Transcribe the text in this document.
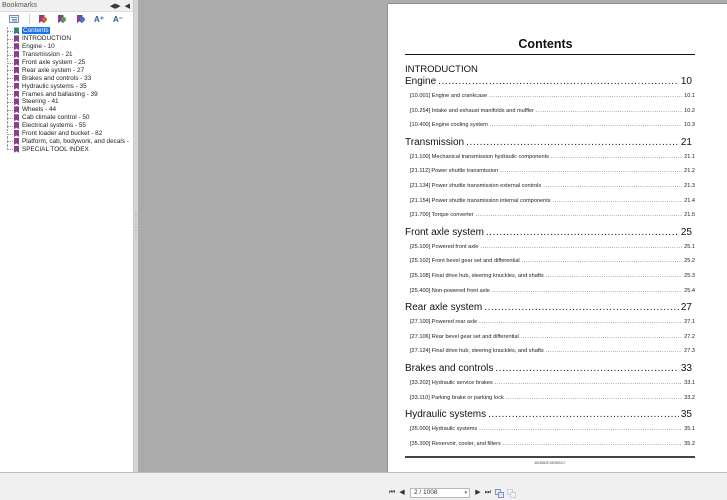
Bookmarks	◀▶ ◀
A⁺	A⁻
Contents
INTRODUCTION
Engine - 10
Transmission - 21
Front axle system - 25
Rear axle system - 27
Brakes and controls - 33
Hydraulic systems - 35
Frames and ballasting - 39
Steering - 41
Wheels - 44
Cab climate control - 50
Electrical systems - 55
Front loader and bucket - 82
Platform, cab, bodywork, and decals -
SPECIAL TOOL INDEX
Contents
INTRODUCTION
Engine .....	10
[10.001] Engine and crankcase .....	10.1
[10.254] Intake and exhaust manifolds and muffler .....	10.2
[10.400] Engine cooling system .....	10.3
Transmission .....	21
[21.100] Mechanical transmission hydraulic components .....	21.1
[21.112] Power shuttle transmission .....	21.2
[21.134] Power shuttle transmission external controls .....	21.3
[21.154] Power shuttle transmission internal components .....	21.4
[21.700] Torque converter .....	21.5
Front axle system .....	25
[25.100] Powered front axle .....	25.1
[25.102] Front bevel gear set and differential .....	25.2
[25.108] Final drive hub, steering knuckles, and shafts .....	25.3
[25.400] Non-powered front axle .....	25.4
Rear axle system .....	27
[27.100] Powered rear axle .....	27.1
[27.106] Rear bevel gear set and differential .....	27.2
[27.124] Final drive hub, steering knuckles, and shafts .....	27.3
Brakes and controls .....	33
[33.202] Hydraulic service brakes .....	33.1
[33.110] Parking brake or parking lock .....	33.2
Hydraulic systems .....	35
[35.000] Hydraulic systems .....	35.1
[35.300] Reservoir, cooler, and filters .....	35.2
48185549 28/09/2017
⏮ ◀	2 / 1008	▾	▶ ⏭
